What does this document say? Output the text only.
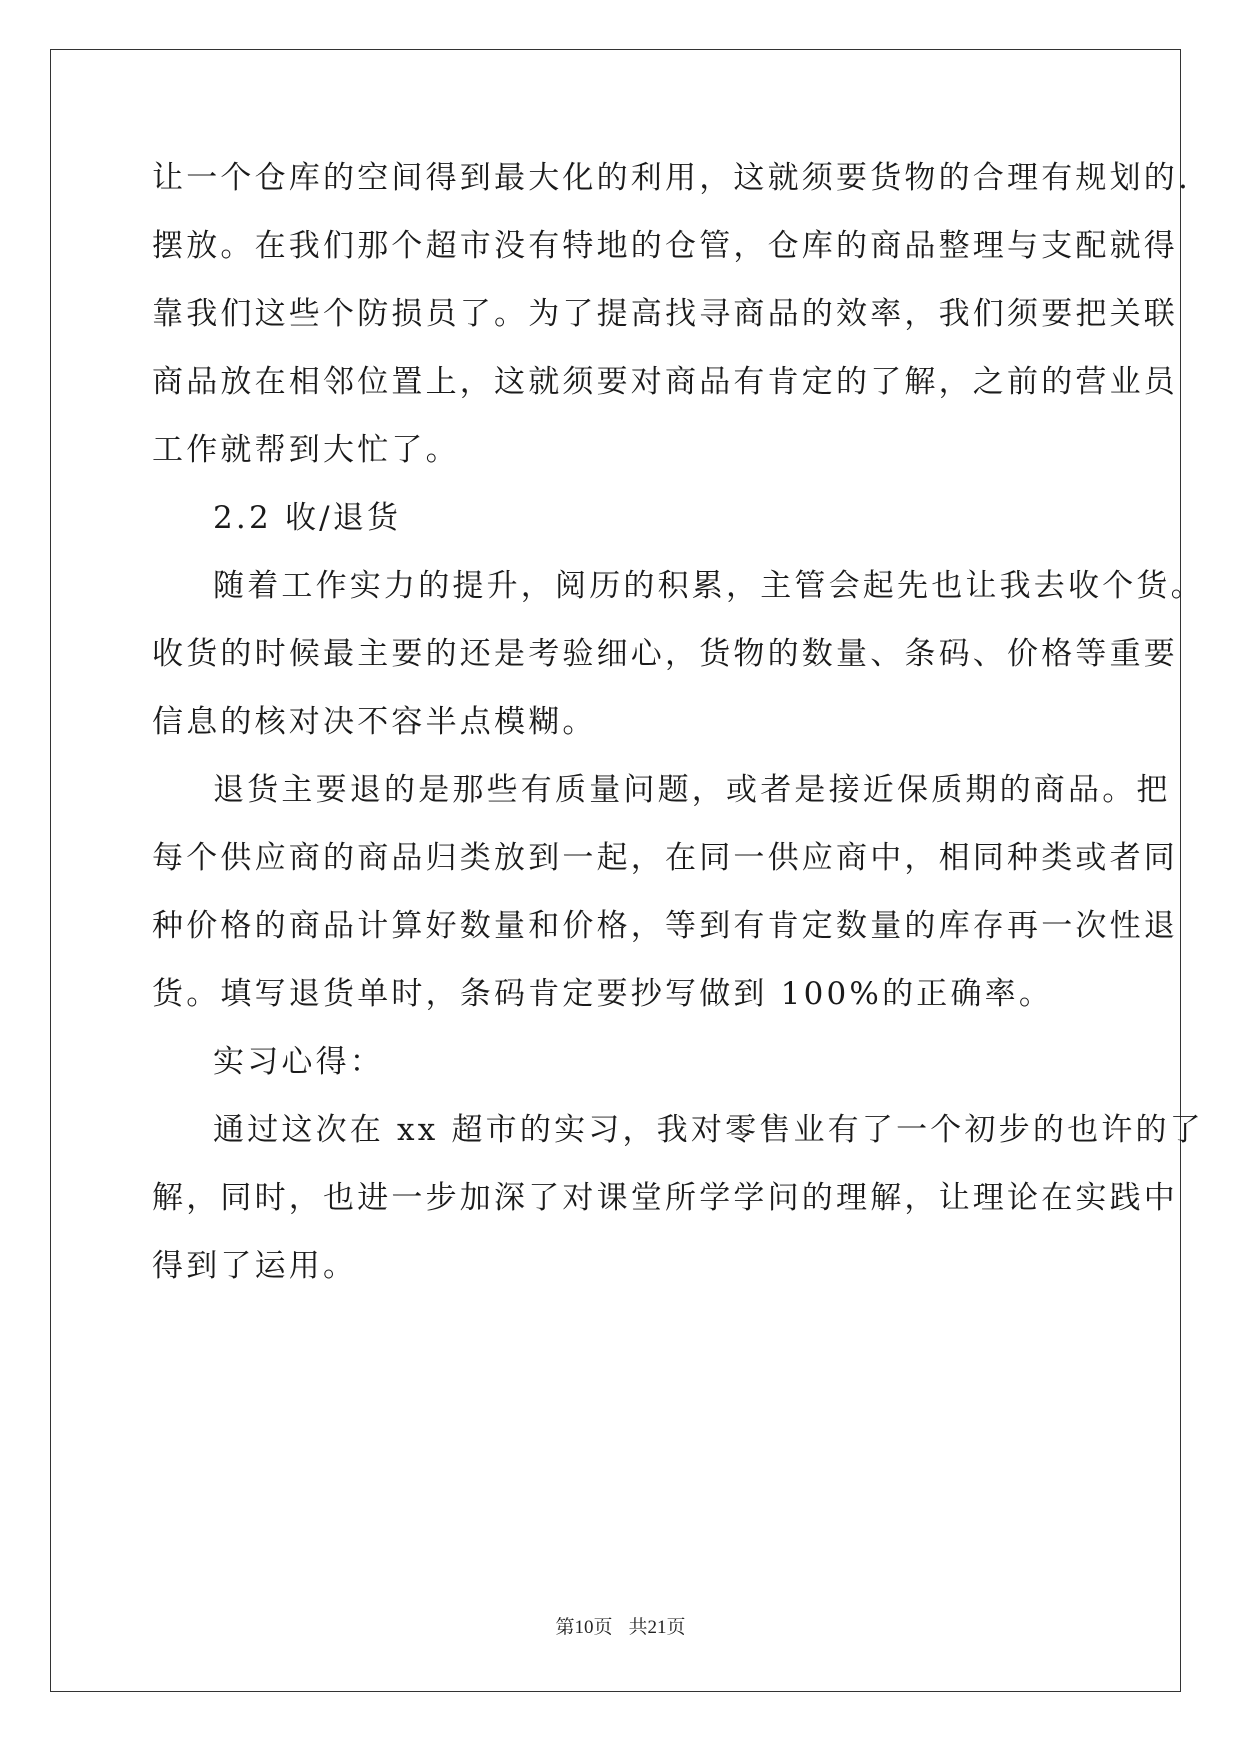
让一个仓库的空间得到最大化的利用，这就须要货物的合理有规划的.
摆放。在我们那个超市没有特地的仓管，仓库的商品整理与支配就得
靠我们这些个防损员了。为了提高找寻商品的效率，我们须要把关联
商品放在相邻位置上，这就须要对商品有肯定的了解，之前的营业员
工作就帮到大忙了。
2.2 收/退货
随着工作实力的提升，阅历的积累，主管会起先也让我去收个货。
收货的时候最主要的还是考验细心，货物的数量、条码、价格等重要
信息的核对决不容半点模糊。
退货主要退的是那些有质量问题，或者是接近保质期的商品。把
每个供应商的商品归类放到一起，在同一供应商中，相同种类或者同
种价格的商品计算好数量和价格，等到有肯定数量的库存再一次性退
货。填写退货单时，条码肯定要抄写做到 100%的正确率。
实习心得：
通过这次在 xx 超市的实习，我对零售业有了一个初步的也许的了
解，同时，也进一步加深了对课堂所学学问的理解，让理论在实践中
得到了运用。
第10页 共21页
